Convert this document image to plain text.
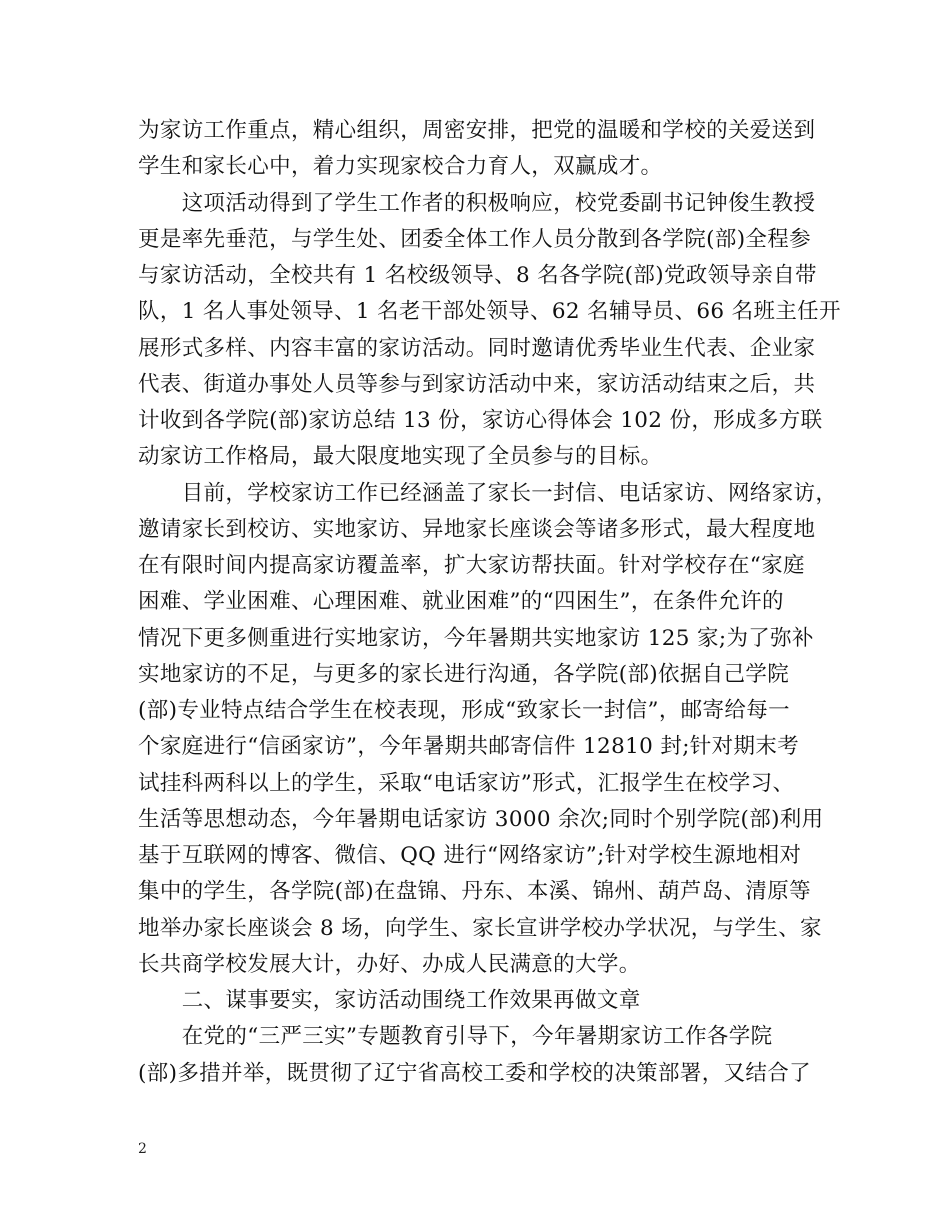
为家访工作重点，精心组织，周密安排，把党的温暖和学校的关爱送到
学生和家长心中，着力实现家校合力育人，双赢成才。
　　这项活动得到了学生工作者的积极响应，校党委副书记钟俊生教授
更是率先垂范，与学生处、团委全体工作人员分散到各学院(部)全程参
与家访活动，全校共有 1 名校级领导、8 名各学院(部)党政领导亲自带
队，1 名人事处领导、1 名老干部处领导、62 名辅导员、66 名班主任开
展形式多样、内容丰富的家访活动。同时邀请优秀毕业生代表、企业家
代表、街道办事处人员等参与到家访活动中来，家访活动结束之后，共
计收到各学院(部)家访总结 13 份，家访心得体会 102 份，形成多方联
动家访工作格局，最大限度地实现了全员参与的目标。
　　目前，学校家访工作已经涵盖了家长一封信、电话家访、网络家访，
邀请家长到校访、实地家访、异地家长座谈会等诸多形式，最大程度地
在有限时间内提高家访覆盖率，扩大家访帮扶面。针对学校存在“家庭
困难、学业困难、心理困难、就业困难”的“四困生”，在条件允许的
情况下更多侧重进行实地家访，今年暑期共实地家访 125 家;为了弥补
实地家访的不足，与更多的家长进行沟通，各学院(部)依据自己学院
(部)专业特点结合学生在校表现，形成“致家长一封信”，邮寄给每一
个家庭进行“信函家访”，今年暑期共邮寄信件 12810 封;针对期末考
试挂科两科以上的学生，采取“电话家访”形式，汇报学生在校学习、
生活等思想动态，今年暑期电话家访 3000 余次;同时个别学院(部)利用
基于互联网的博客、微信、QQ 进行“网络家访”;针对学校生源地相对
集中的学生，各学院(部)在盘锦、丹东、本溪、锦州、葫芦岛、清原等
地举办家长座谈会 8 场，向学生、家长宣讲学校办学状况，与学生、家
长共商学校发展大计，办好、办成人民满意的大学。
　　二、谋事要实，家访活动围绕工作效果再做文章
　　在党的“三严三实”专题教育引导下，今年暑期家访工作各学院
(部)多措并举，既贯彻了辽宁省高校工委和学校的决策部署，又结合了
2
